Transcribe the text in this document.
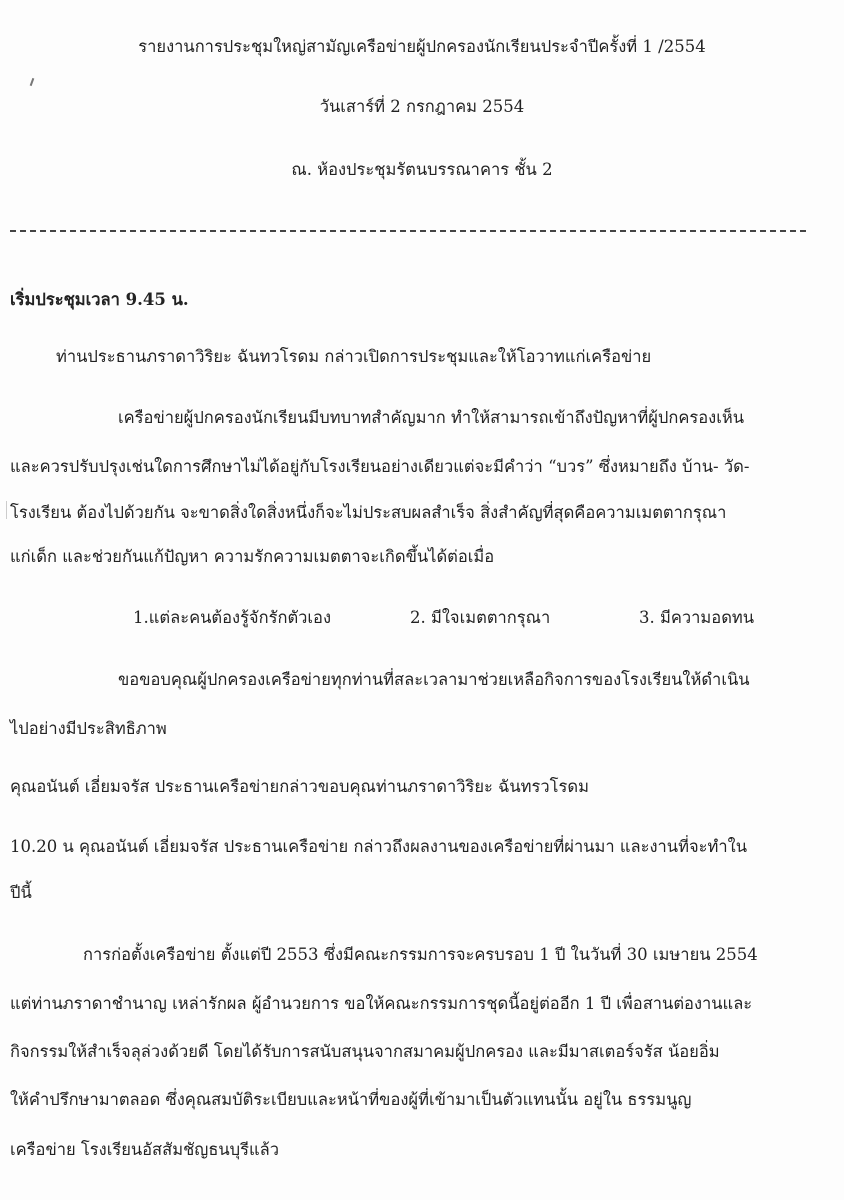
รายงานการประชุมใหญ่สามัญเครือข่ายผู้ปกครองนักเรียนประจำปีครั้งที่ 1 /2554
วันเสาร์ที่ 2 กรกฎาคม 2554
ณ. ห้องประชุมรัตนบรรณาคาร ชั้น 2
เริ่มประชุมเวลา 9.45 น.
ท่านประธานภราดาวิริยะ ฉันทวโรดม กล่าวเปิดการประชุมและให้โอวาทแก่เครือข่าย
เครือข่ายผู้ปกครองนักเรียนมีบทบาทสำคัญมาก ทำให้สามารถเข้าถึงปัญหาที่ผู้ปกครองเห็น
และควรปรับปรุงเช่นใดการศึกษาไม่ได้อยู่กับโรงเรียนอย่างเดียวแต่จะมีคำว่า “บวร” ซึ่งหมายถึง บ้าน- วัด-
โรงเรียน ต้องไปด้วยกัน จะขาดสิ่งใดสิ่งหนึ่งก็จะไม่ประสบผลสำเร็จ สิ่งสำคัญที่สุดคือความเมตตากรุณา
แก่เด็ก และช่วยกันแก้ปัญหา ความรักความเมตตาจะเกิดขึ้นได้ต่อเมื่อ
1.แต่ละคนต้องรู้จักรักตัวเอง	2. มีใจเมตตากรุณา	3. มีความอดทน
ขอขอบคุณผู้ปกครองเครือข่ายทุกท่านที่สละเวลามาช่วยเหลือกิจการของโรงเรียนให้ดำเนิน
ไปอย่างมีประสิทธิภาพ
คุณอนันต์ เอี่ยมจรัส ประธานเครือข่ายกล่าวขอบคุณท่านภราดาวิริยะ ฉันทรวโรดม
10.20 น คุณอนันต์ เอี่ยมจรัส ประธานเครือข่าย กล่าวถึงผลงานของเครือข่ายที่ผ่านมา และงานที่จะทำใน
ปีนี้
การก่อตั้งเครือข่าย ตั้งแต่ปี 2553 ซึ่งมีคณะกรรมการจะครบรอบ 1 ปี ในวันที่ 30 เมษายน 2554
แต่ท่านภราดาชำนาญ เหล่ารักผล ผู้อำนวยการ ขอให้คณะกรรมการชุดนี้อยู่ต่ออีก 1 ปี เพื่อสานต่องานและ
กิจกรรมให้สำเร็จลุล่วงด้วยดี โดยได้รับการสนับสนุนจากสมาคมผู้ปกครอง และมีมาสเตอร์จรัส น้อยอิ่ม
ให้คำปรึกษามาตลอด ซึ่งคุณสมบัติระเบียบและหน้าที่ของผู้ที่เข้ามาเป็นตัวแทนนั้น อยู่ใน ธรรมนูญ
เครือข่าย โรงเรียนอัสสัมชัญธนบุรีแล้ว
